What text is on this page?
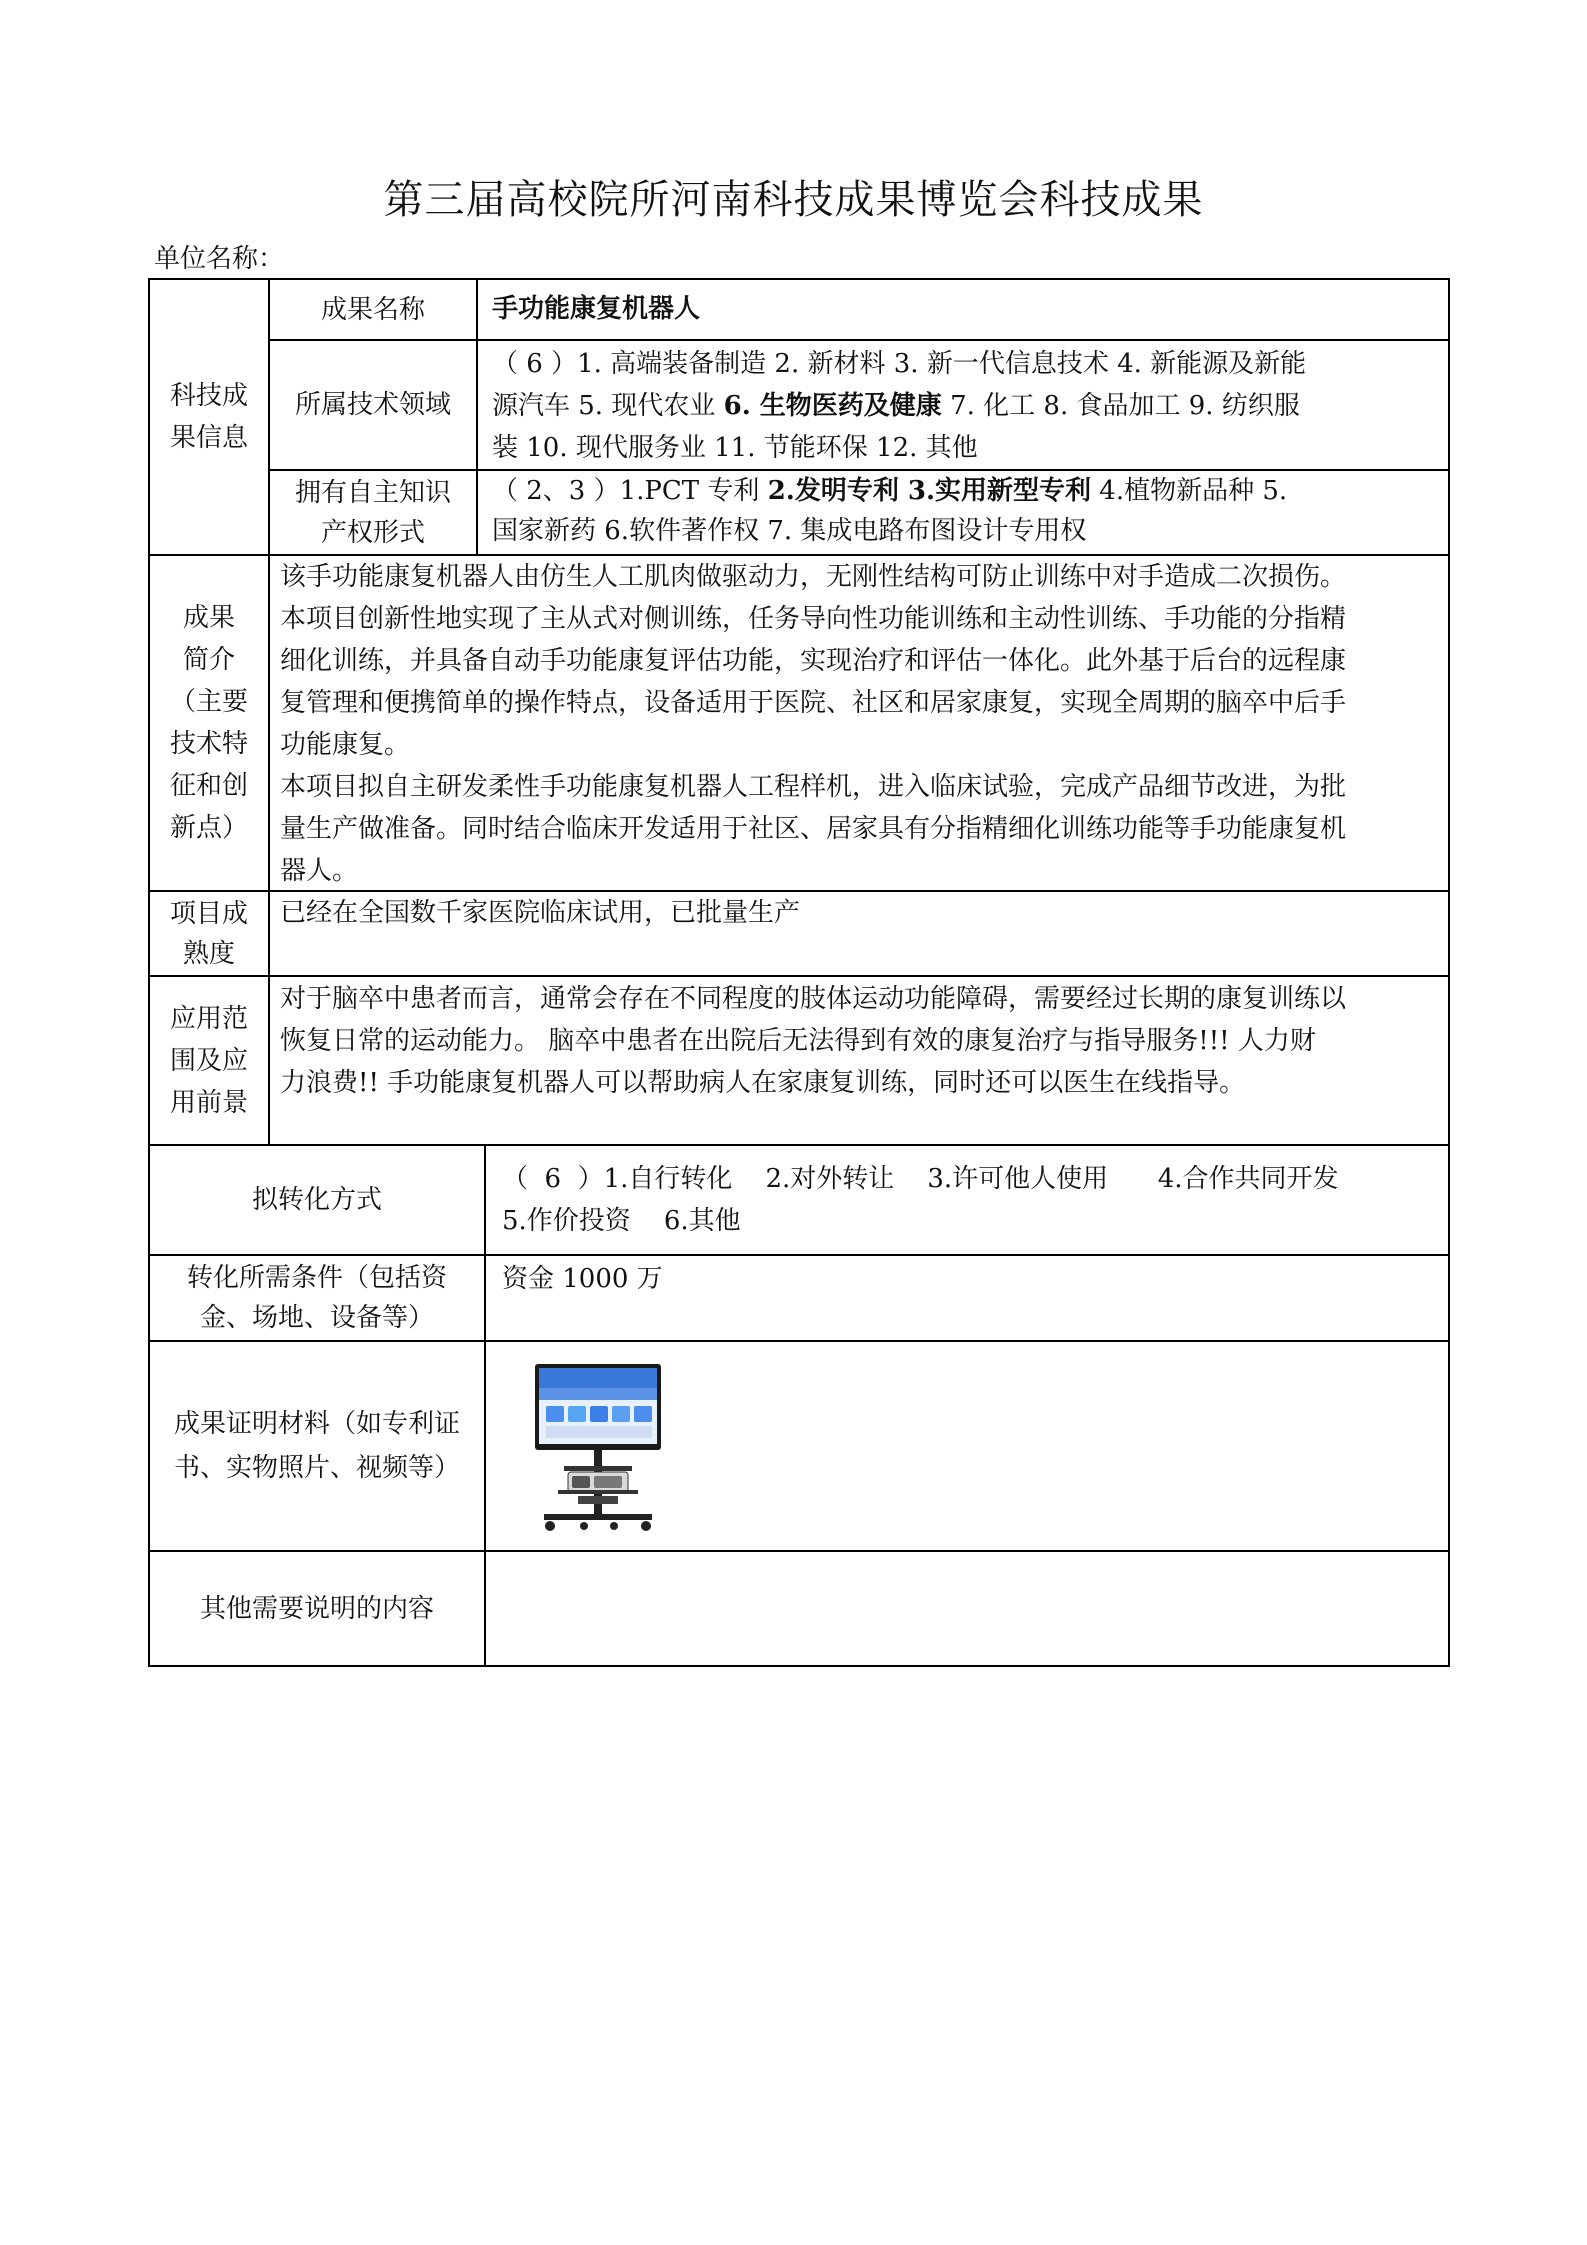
第三届高校院所河南科技成果博览会科技成果
单位名称：
科技成
果信息
成果名称	手功能康复机器人
所属技术领域
（ 6 ）1. 高端装备制造 2. 新材料 3. 新一代信息技术 4. 新能源及新能
源汽车 5. 现代农业 6. 生物医药及健康 7. 化工 8. 食品加工 9. 纺织服
装 10. 现代服务业 11. 节能环保 12. 其他
拥有自主知识
产权形式
（ 2、3 ）1.PCT 专利 2.发明专利 3.实用新型专利 4.植物新品种 5.
国家新药 6.软件著作权 7. 集成电路布图设计专用权
成果
简介
（主要
技术特
征和创
新点）
该手功能康复机器人由仿生人工肌肉做驱动力，无刚性结构可防止训练中对手造成二次损伤。
本项目创新性地实现了主从式对侧训练，任务导向性功能训练和主动性训练、手功能的分指精
细化训练，并具备自动手功能康复评估功能，实现治疗和评估一体化。此外基于后台的远程康
复管理和便携简单的操作特点，设备适用于医院、社区和居家康复，实现全周期的脑卒中后手
功能康复。
本项目拟自主研发柔性手功能康复机器人工程样机，进入临床试验，完成产品细节改进，为批
量生产做准备。同时结合临床开发适用于社区、居家具有分指精细化训练功能等手功能康复机
器人。
项目成
熟度
已经在全国数千家医院临床试用，已批量生产
应用范
围及应
用前景
对于脑卒中患者而言，通常会存在不同程度的肢体运动功能障碍，需要经过长期的康复训练以
恢复日常的运动能力。 脑卒中患者在出院后无法得到有效的康复治疗与指导服务!!! 人力财
力浪费!! 手功能康复机器人可以帮助病人在家康复训练，同时还可以医生在线指导。
拟转化方式
（  6  ）1.自行转化    2.对外转让    3.许可他人使用      4.合作共同开发
5.作价投资    6.其他
转化所需条件（包括资
金、场地、设备等）
资金 1000 万
成果证明材料（如专利证
书、实物照片、视频等）
其他需要说明的内容
